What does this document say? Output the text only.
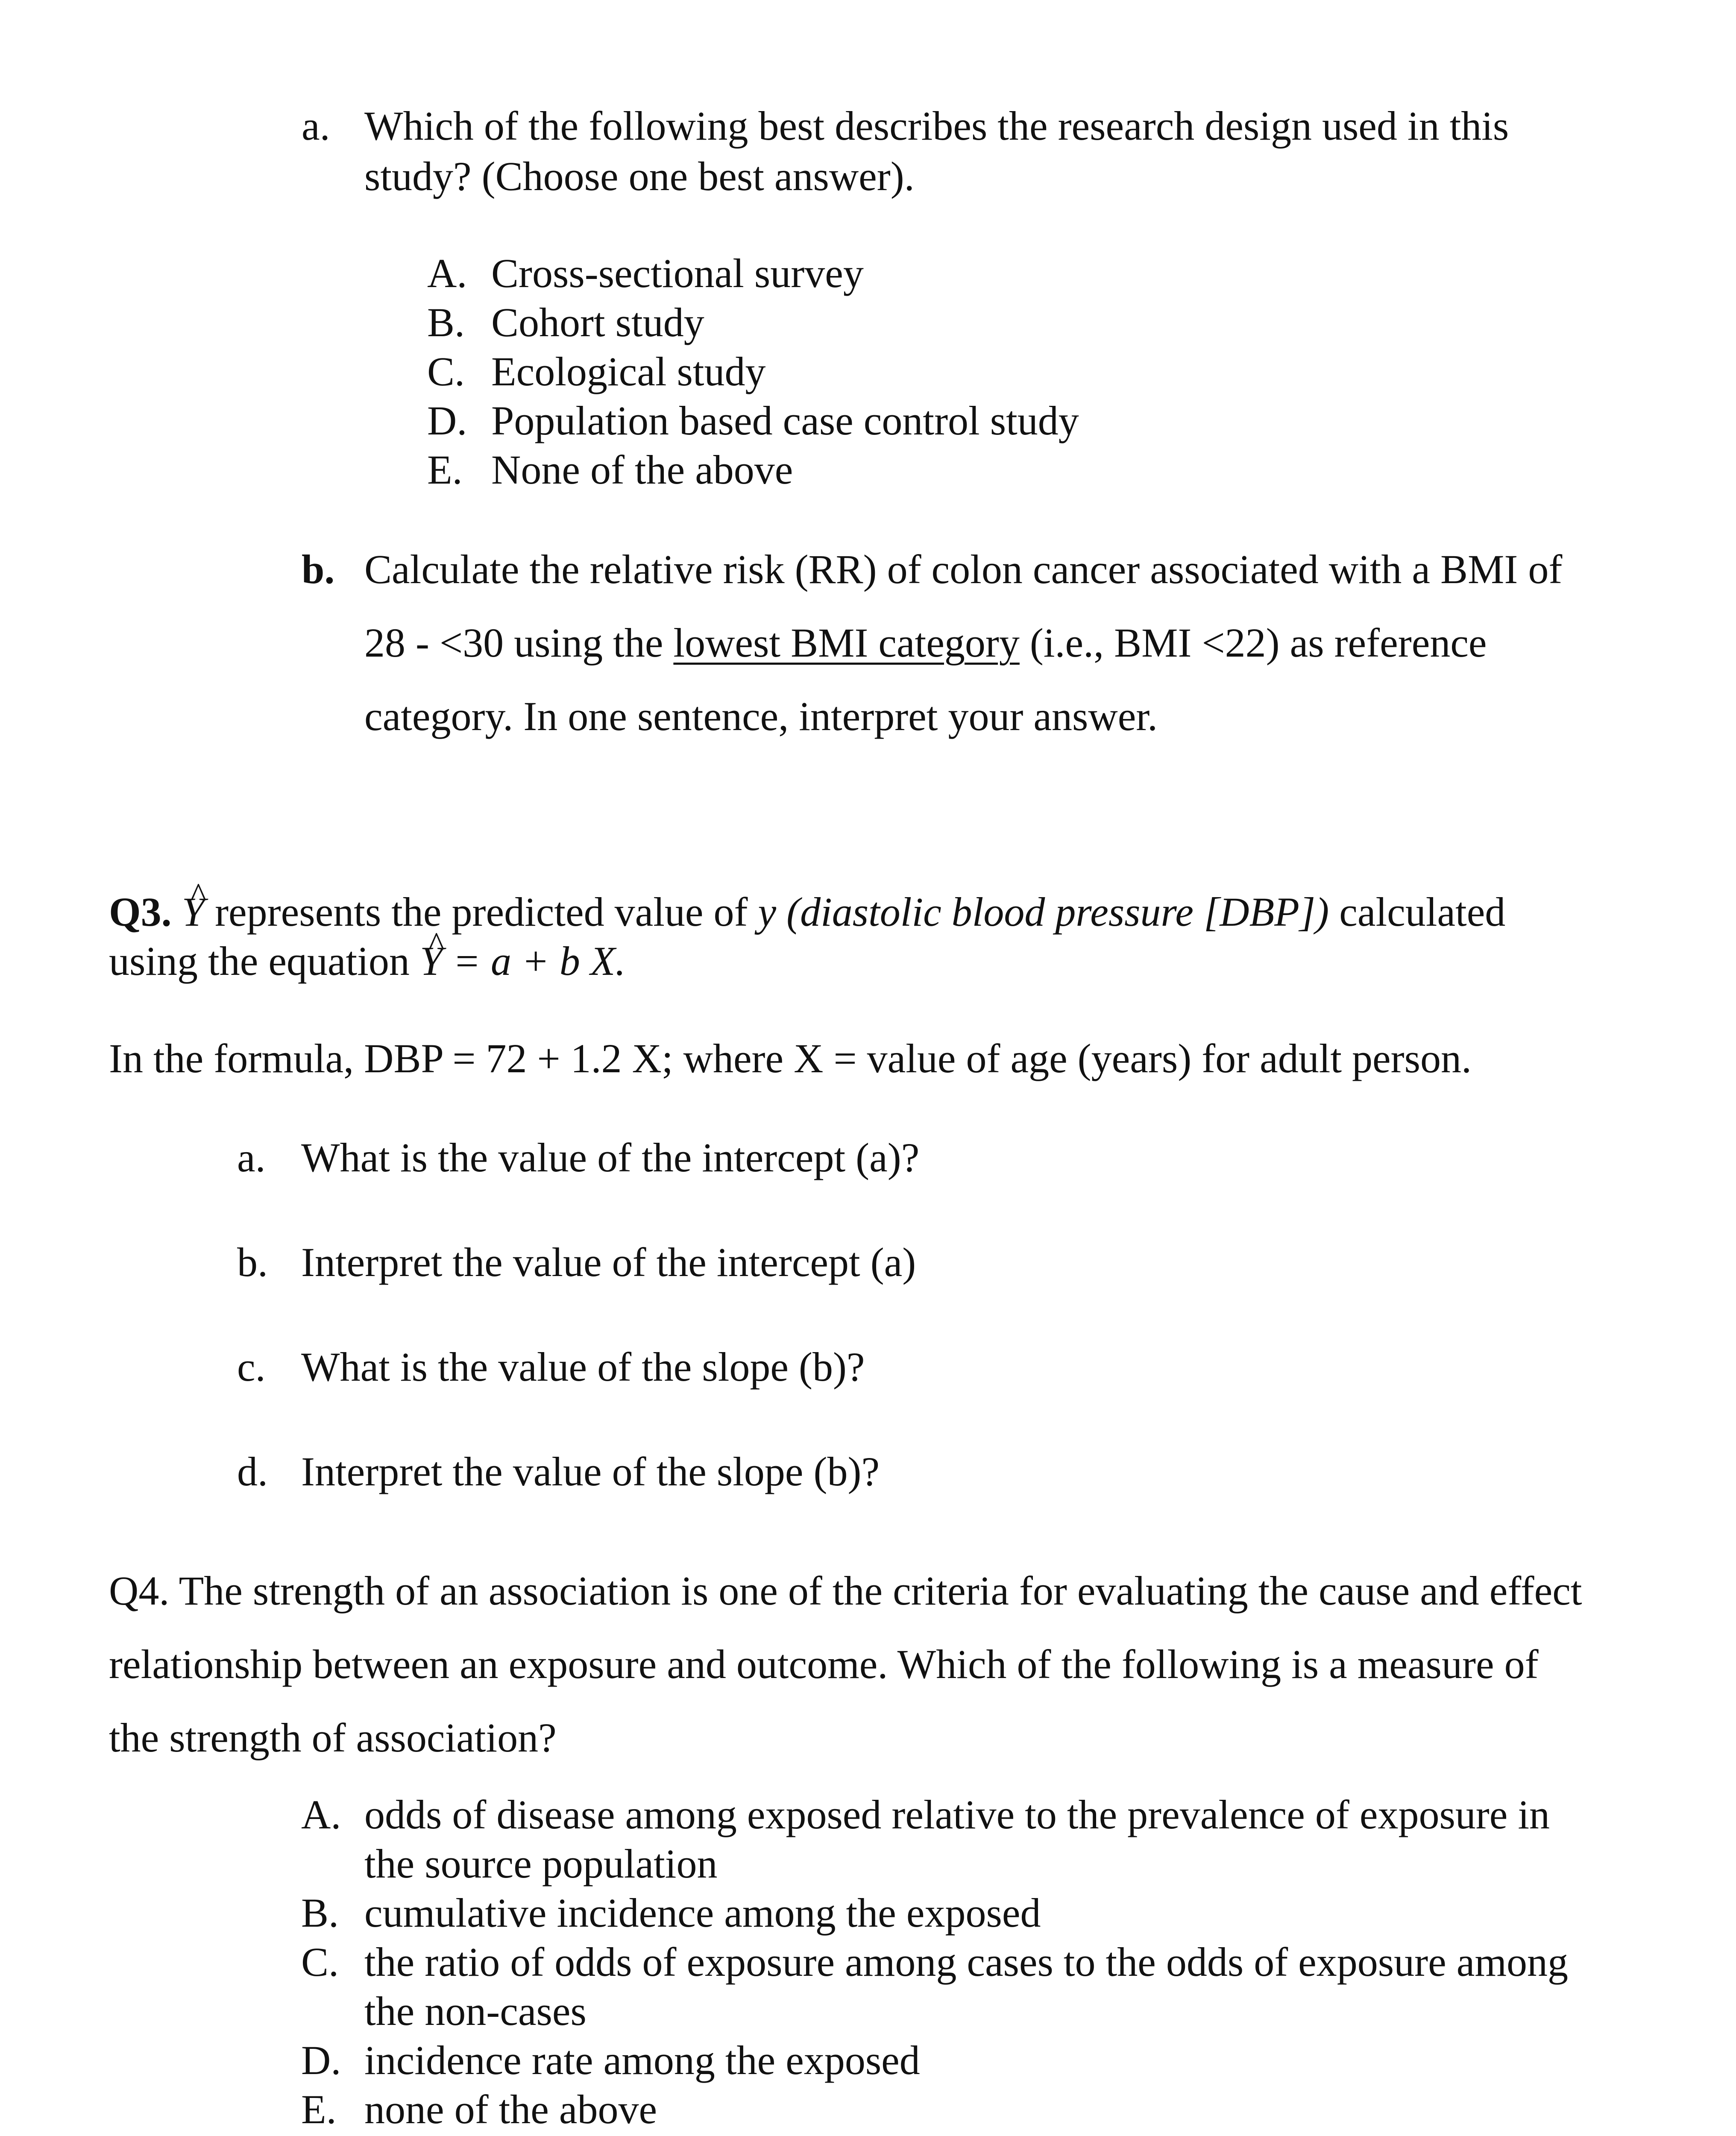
a. Which of the following best describes the research design used in this
study? (Choose one best answer).
A. Cross-sectional survey
B. Cohort study
C. Ecological study
D. Population based case control study
E. None of the above
b. Calculate the relative risk (RR) of colon cancer associated with a BMI of
28 - <30 using the lowest BMI category (i.e., BMI <22) as reference
category. In one sentence, interpret your answer.
Q3. ^ Y represents the predicted value of y (diastolic blood pressure [DBP]) calculated
using the equation ^ Y = a + b X.
In the formula, DBP = 72 + 1.2 X; where X = value of age (years) for adult person.
a. What is the value of the intercept (a)?
b. Interpret the value of the intercept (a)
c. What is the value of the slope (b)?
d. Interpret the value of the slope (b)?
Q4. The strength of an association is one of the criteria for evaluating the cause and effect
relationship between an exposure and outcome. Which of the following is a measure of
the strength of association?
A. odds of disease among exposed relative to the prevalence of exposure in
the source population
B. cumulative incidence among the exposed
C. the ratio of odds of exposure among cases to the odds of exposure among
the non-cases
D. incidence rate among the exposed
E. none of the above
